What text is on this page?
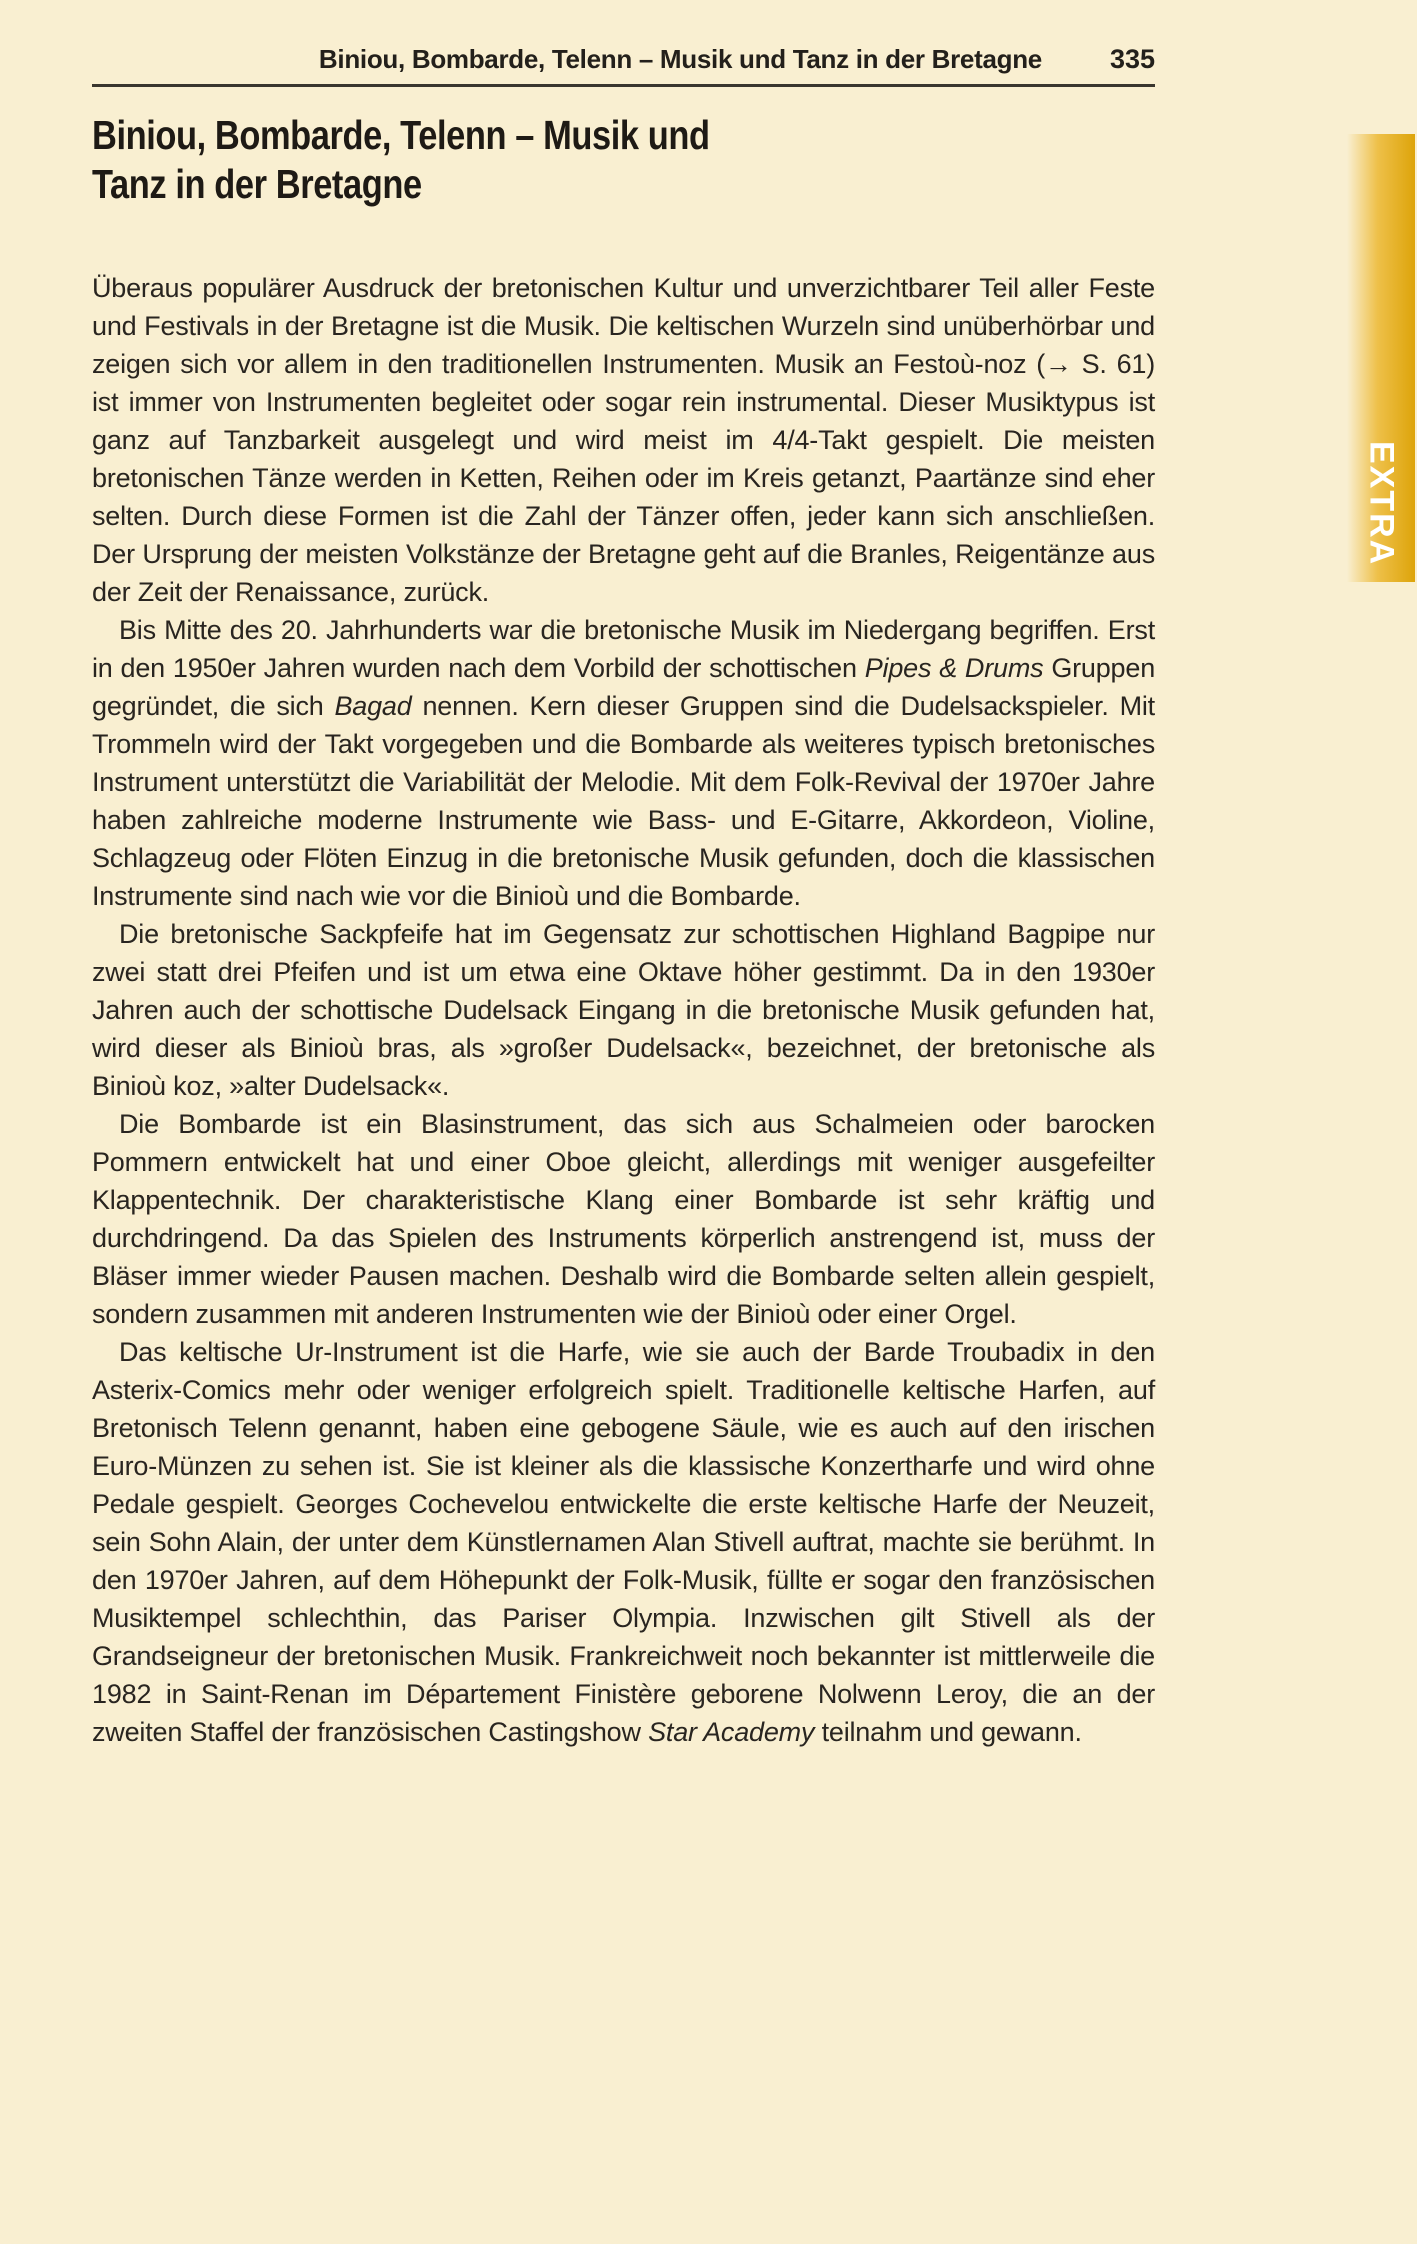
Biniou, Bombarde, Telenn – Musik und Tanz in der Bretagne	335
Biniou, Bombarde, Telenn – Musik und
Tanz in der Bretagne

Überaus populärer Ausdruck der bretonischen Kultur und unverzichtbarer Teil aller Feste und Festivals in der Bretagne ist die Musik. Die keltischen Wurzeln sind unüberhörbar und zeigen sich vor allem in den traditionellen Instrumenten. Musik an Festoù-noz (→ S. 61) ist immer von Instrumenten begleitet oder sogar rein instrumental. Dieser Musiktypus ist ganz auf Tanzbarkeit ausgelegt und wird meist im 4/4-Takt gespielt. Die meisten bretonischen Tänze werden in Ketten, Reihen oder im Kreis getanzt, Paartänze sind eher selten. Durch diese Formen ist die Zahl der Tänzer offen, jeder kann sich anschließen. Der Ursprung der meisten Volkstänze der Bretagne geht auf die Branles, Reigentänze aus der Zeit der Renaissance, zurück.

Bis Mitte des 20. Jahrhunderts war die bretonische Musik im Niedergang begriffen. Erst in den 1950er Jahren wurden nach dem Vorbild der schottischen Pipes & Drums Gruppen gegründet, die sich Bagad nennen. Kern dieser Gruppen sind die Dudelsackspieler. Mit Trommeln wird der Takt vorgegeben und die Bombarde als weiteres typisch bretonisches Instrument unterstützt die Variabilität der Melodie. Mit dem Folk-Revival der 1970er Jahre haben zahlreiche moderne Instrumente wie Bass- und E-Gitarre, Akkordeon, Violine, Schlagzeug oder Flöten Einzug in die bretonische Musik gefunden, doch die klassischen Instrumente sind nach wie vor die Binioù und die Bombarde.

Die bretonische Sackpfeife hat im Gegensatz zur schottischen Highland Bagpipe nur zwei statt drei Pfeifen und ist um etwa eine Oktave höher gestimmt. Da in den 1930er Jahren auch der schottische Dudelsack Eingang in die bretonische Musik gefunden hat, wird dieser als Binioù bras, als »großer Dudelsack«, bezeichnet, der bretonische als Binioù koz, »alter Dudelsack«.

Die Bombarde ist ein Blasinstrument, das sich aus Schalmeien oder barocken Pommern entwickelt hat und einer Oboe gleicht, allerdings mit weniger ausgefeilter Klappentechnik. Der charakteristische Klang einer Bombarde ist sehr kräftig und durchdringend. Da das Spielen des Instruments körperlich anstrengend ist, muss der Bläser immer wieder Pausen machen. Deshalb wird die Bombarde selten allein gespielt, sondern zusammen mit anderen Instrumenten wie der Binioù oder einer Orgel.

Das keltische Ur-Instrument ist die Harfe, wie sie auch der Barde Troubadix in den Asterix-Comics mehr oder weniger erfolgreich spielt. Traditionelle keltische Harfen, auf Bretonisch Telenn genannt, haben eine gebogene Säule, wie es auch auf den irischen Euro-Münzen zu sehen ist. Sie ist kleiner als die klassische Konzertharfe und wird ohne Pedale gespielt. Georges Cochevelou entwickelte die erste keltische Harfe der Neuzeit, sein Sohn Alain, der unter dem Künstlernamen Alan Stivell auftrat, machte sie berühmt. In den 1970er Jahren, auf dem Höhepunkt der Folk-Musik, füllte er sogar den französischen Musiktempel schlechthin, das Pariser Olympia. Inzwischen gilt Stivell als der Grandseigneur der bretonischen Musik. Frankreichweit noch bekannter ist mittlerweile die 1982 in Saint-Renan im Département Finistère geborene Nolwenn Leroy, die an der zweiten Staffel der französischen Castingshow Star Academy teilnahm und gewann.

EXTRA
